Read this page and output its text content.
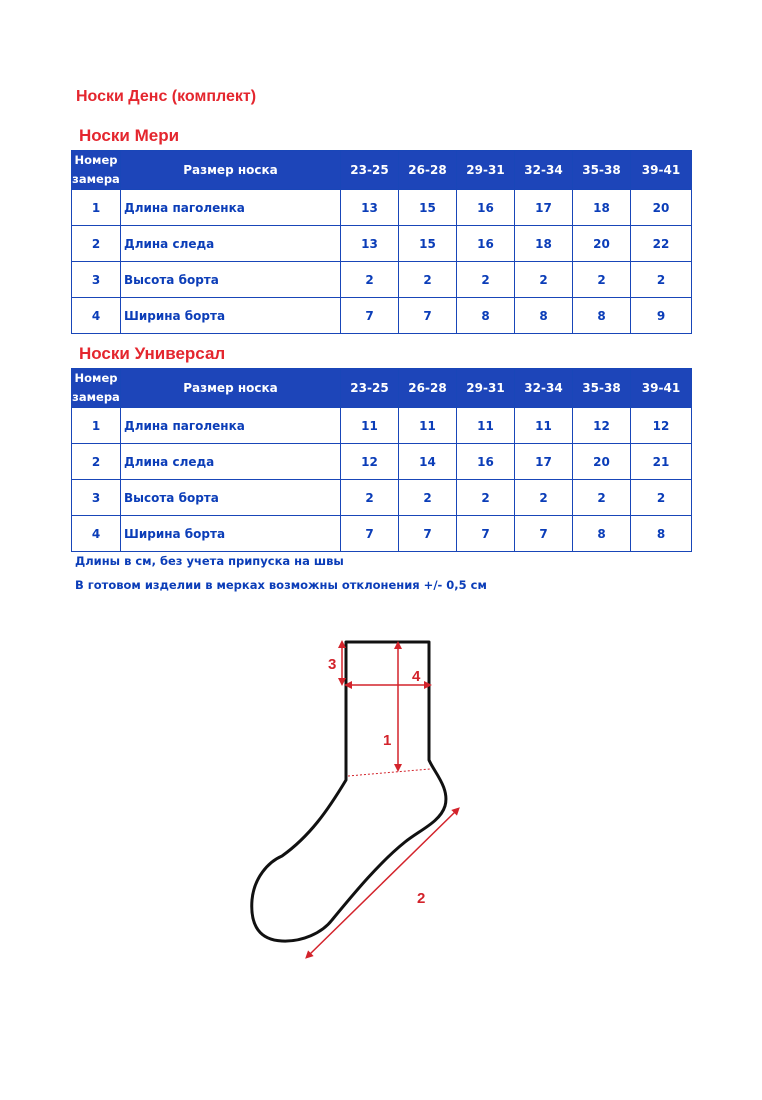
Носки Денс (комплект)
Носки Мери
Номер
замера	Размер носка	23-25	26-28	29-31	32-34	35-38	39-41
1	Длина паголенка	13	15	16	17	18	20
2	Длина следа	13	15	16	18	20	22
3	Высота борта	2	2	2	2	2	2
4	Ширина борта	7	7	8	8	8	9
Носки Универсал
Номер
замера	Размер носка	23-25	26-28	29-31	32-34	35-38	39-41
1	Длина паголенка	11	11	11	11	12	12
2	Длина следа	12	14	16	17	20	21
3	Высота борта	2	2	2	2	2	2
4	Ширина борта	7	7	7	7	8	8
Длины в см, без учета припуска на швы
В готовом изделии в мерках возможны отклонения +/- 0,5 см
3
4
1
2
